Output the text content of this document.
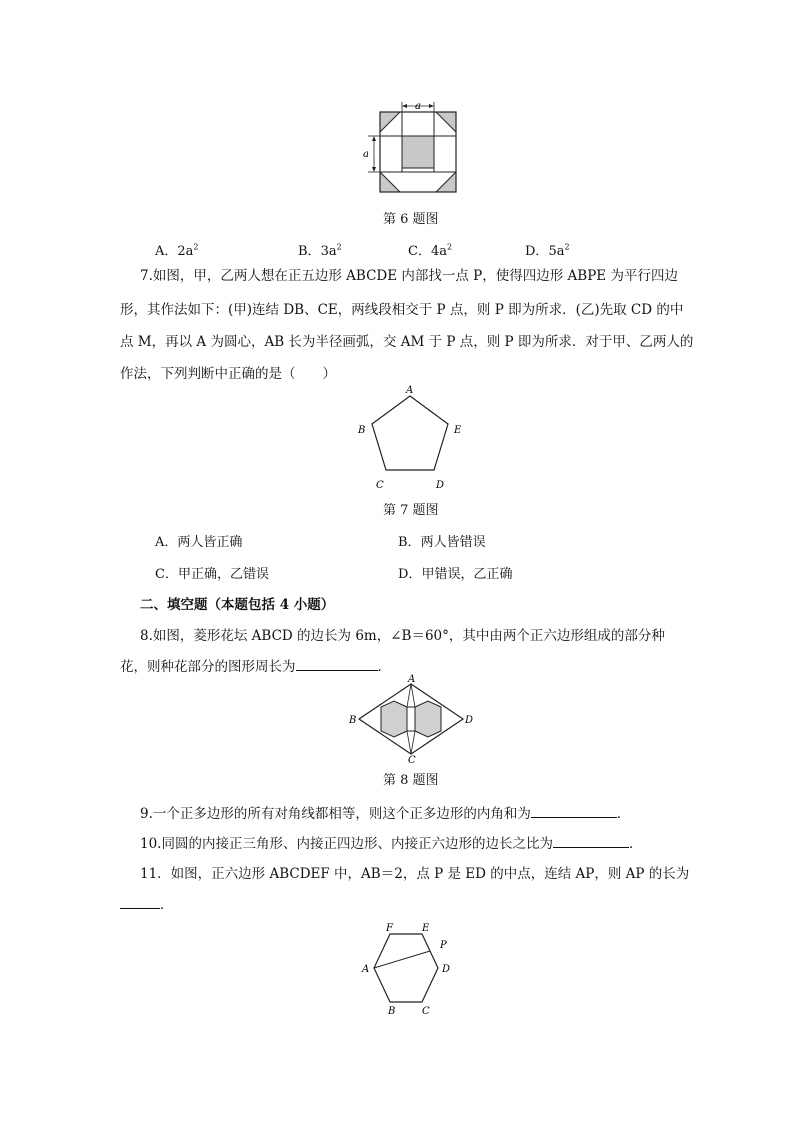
a
a
第 6 题图
A．$2a^2$	B．$3a^2$	C．$4a^2$	D．$5a^2$
7.如图，甲，乙两人想在正五边形 ABCDE 内部找一点 P，使得四边形 ABPE 为平行四边
形，其作法如下：(甲)连结 DB、CE，两线段相交于 P 点，则 P 即为所求．(乙)先取 CD 的中
点 M，再以 A 为圆心，AB 长为半径画弧，交 AM 于 P 点，则 P 即为所求．对于甲、乙两人的
作法，下列判断中正确的是（　　）
A
B	E
C	D
第 7 题图
A．两人皆正确	B．两人皆错误
C．甲正确，乙错误	D．甲错误，乙正确
二、填空题（本题包括 4 小题）
8.如图，菱形花坛 ABCD 的边长为 6m，∠B＝60°，其中由两个正六边形组成的部分种
花，则种花部分的图形周长为	．
A
B	D
C
第 8 题图
9.一个正多边形的所有对角线都相等，则这个正多边形的内角和为	．
10.同圆的内接正三角形、内接正四边形、内接正六边形的边长之比为	．
11．如图，正六边形 ABCDEF 中，AB＝2，点 P 是 ED 的中点，连结 AP，则 AP 的长为
．
F	E
P
A	D
B	C
